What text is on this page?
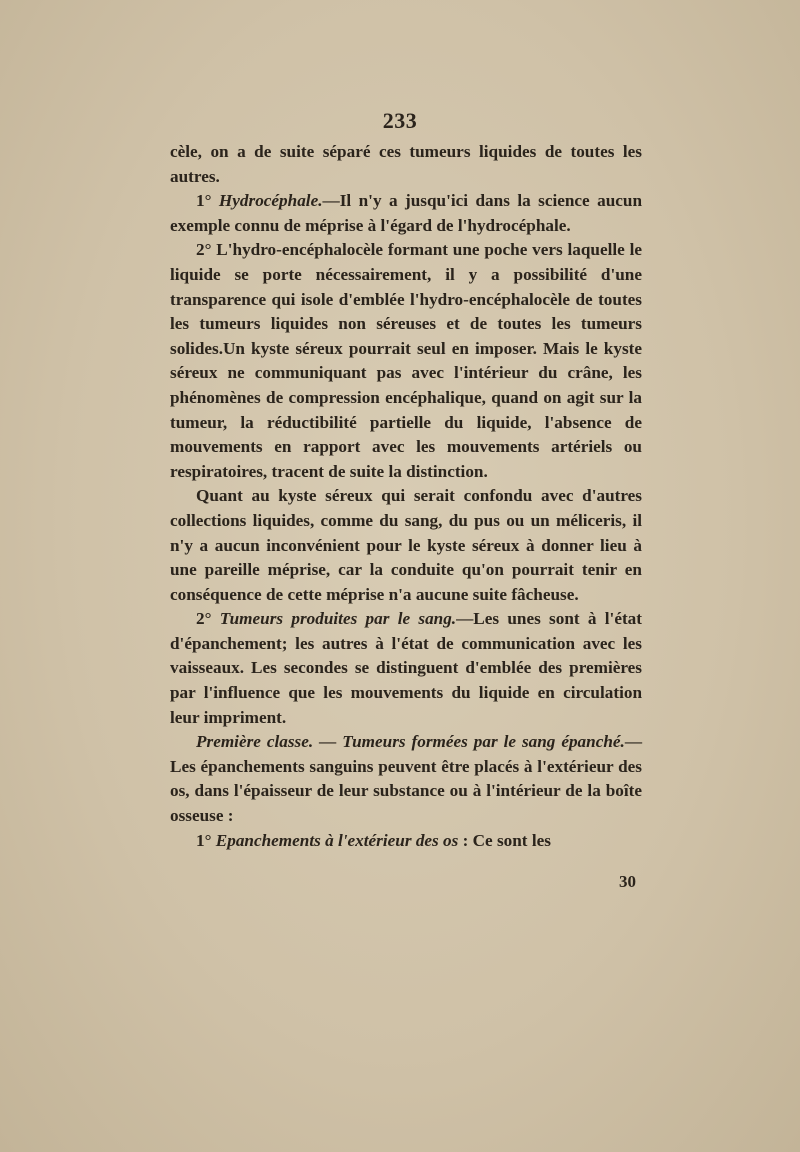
233

cèle, on a de suite séparé ces tumeurs liquides de toutes les autres.

1° Hydrocéphale.—Il n'y a jusqu'ici dans la science aucun exemple connu de méprise à l'égard de l'hydrocéphale.

2° L'hydro-encéphalocèle formant une poche vers laquelle le liquide se porte nécessairement, il y a possibilité d'une transparence qui isole d'emblée l'hydro-encéphalocèle de toutes les tumeurs liquides non séreuses et de toutes les tumeurs solides.Un kyste séreux pourrait seul en imposer. Mais le kyste séreux ne communiquant pas avec l'intérieur du crâne, les phénomènes de compression encéphalique, quand on agit sur la tumeur, la réductibilité partielle du liquide, l'absence de mouvements en rapport avec les mouvements artériels ou respiratoires, tracent de suite la distinction.

Quant au kyste séreux qui serait confondu avec d'autres collections liquides, comme du sang, du pus ou un méliceris, il n'y a aucun inconvénient pour le kyste séreux à donner lieu à une pareille méprise, car la conduite qu'on pourrait tenir en conséquence de cette méprise n'a aucune suite fâcheuse.

2° Tumeurs produites par le sang.—Les unes sont à l'état d'épanchement; les autres à l'état de communication avec les vaisseaux. Les secondes se distinguent d'emblée des premières par l'influence que les mouvements du liquide en circulation leur impriment.

Première classe. — Tumeurs formées par le sang épanché.— Les épanchements sanguins peuvent être placés à l'extérieur des os, dans l'épaisseur de leur substance ou à l'intérieur de la boîte osseuse :

1° Epanchements à l'extérieur des os : Ce sont les

30
